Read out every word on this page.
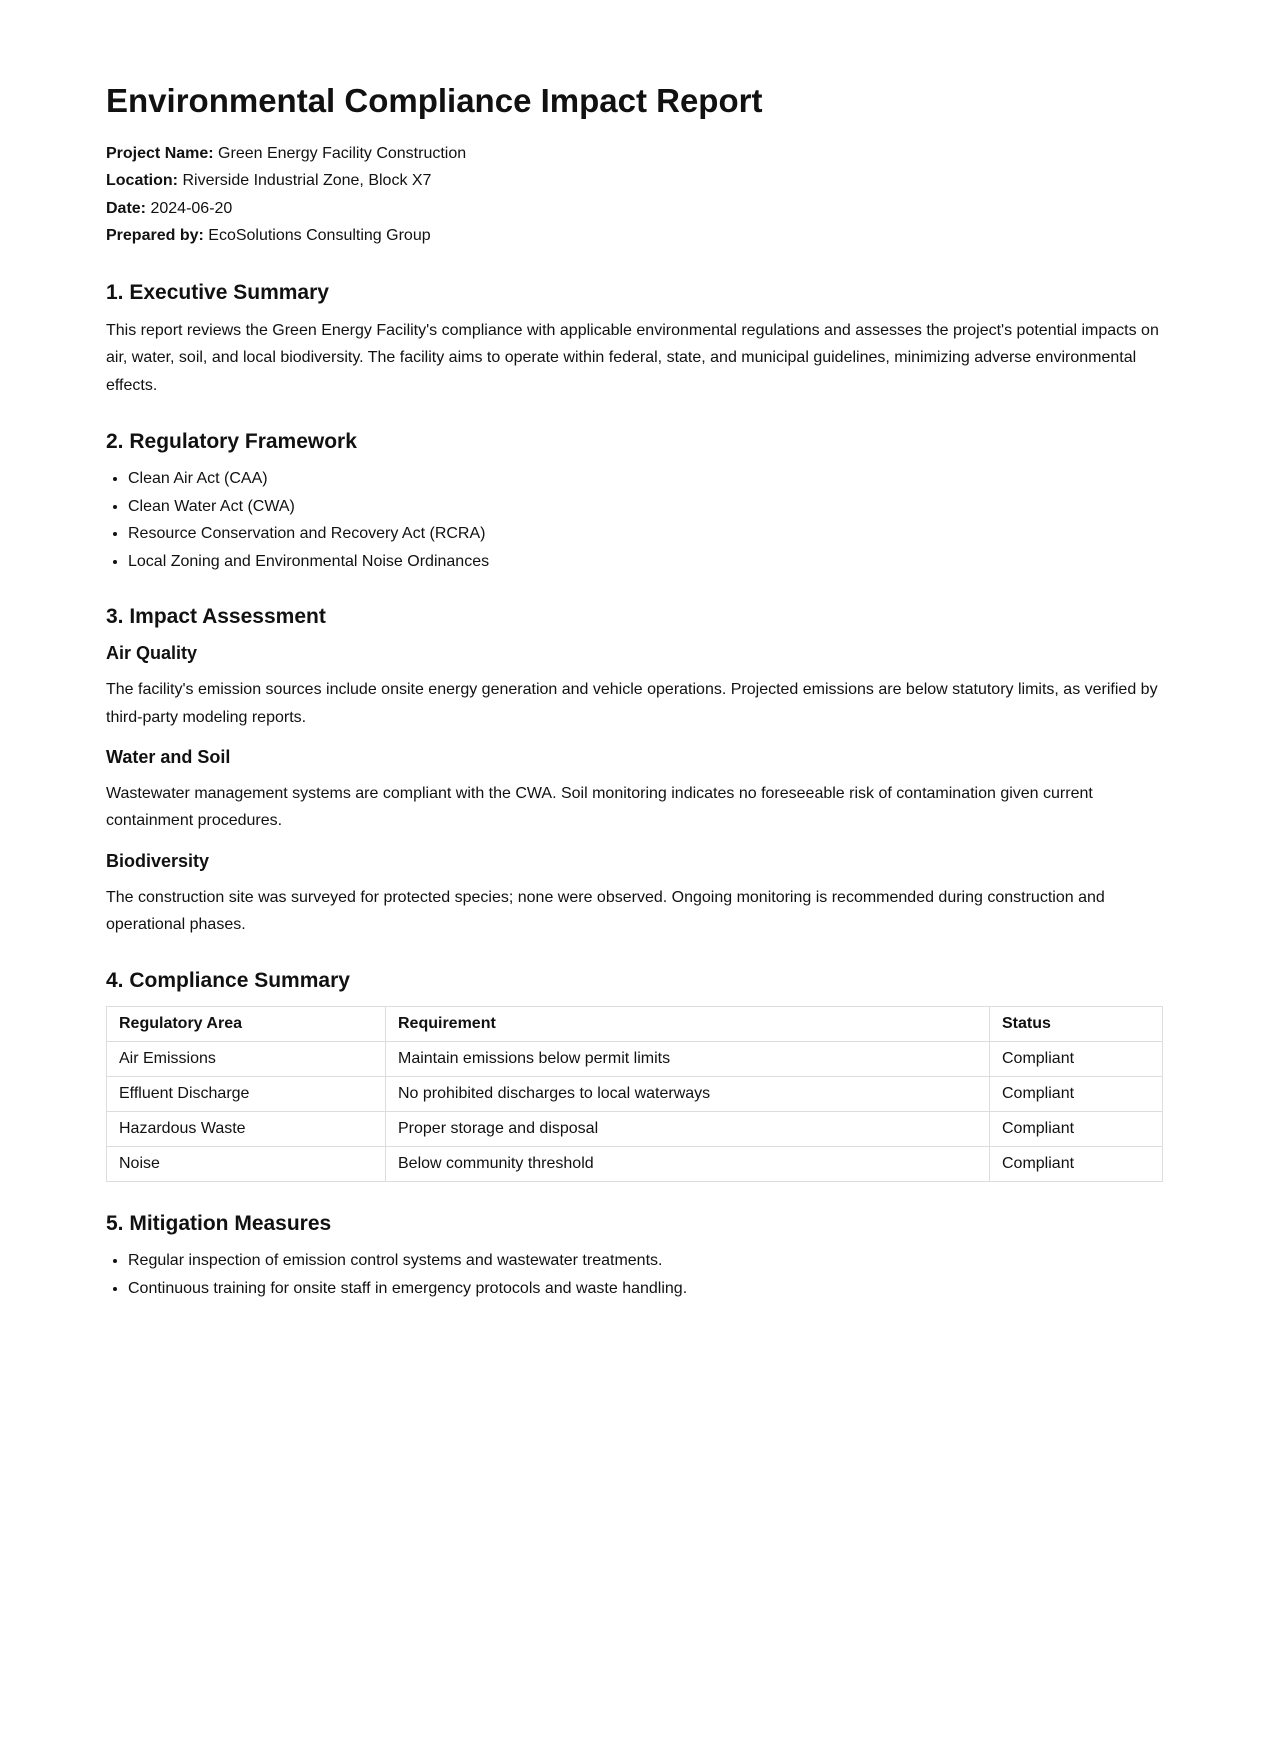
Environmental Compliance Impact Report

Project Name: Green Energy Facility Construction

Location: Riverside Industrial Zone, Block X7

Date: 2024-06-20

Prepared by: EcoSolutions Consulting Group

1. Executive Summary

This report reviews the Green Energy Facility's compliance with applicable environmental regulations and assesses the project's potential impacts on air, water, soil, and local biodiversity. The facility aims to operate within federal, state, and municipal guidelines, minimizing adverse environmental effects.

2. Regulatory Framework
• Clean Air Act (CAA)
• Clean Water Act (CWA)
• Resource Conservation and Recovery Act (RCRA)
• Local Zoning and Environmental Noise Ordinances
3. Impact Assessment
Air Quality

The facility's emission sources include onsite energy generation and vehicle operations. Projected emissions are below statutory limits, as verified by third-party modeling reports.

Water and Soil

Wastewater management systems are compliant with the CWA. Soil monitoring indicates no foreseeable risk of contamination given current containment procedures.

Biodiversity

The construction site was surveyed for protected species; none were observed. Ongoing monitoring is recommended during construction and operational phases.

4. Compliance Summary
Regulatory Area	Requirement	Status
Air Emissions	Maintain emissions below permit limits	Compliant
Effluent Discharge	No prohibited discharges to local waterways	Compliant
Hazardous Waste	Proper storage and disposal	Compliant
Noise	Below community threshold	Compliant
5. Mitigation Measures
• Regular inspection of emission control systems and wastewater treatments.
• Continuous training for onsite staff in emergency protocols and waste handling.
